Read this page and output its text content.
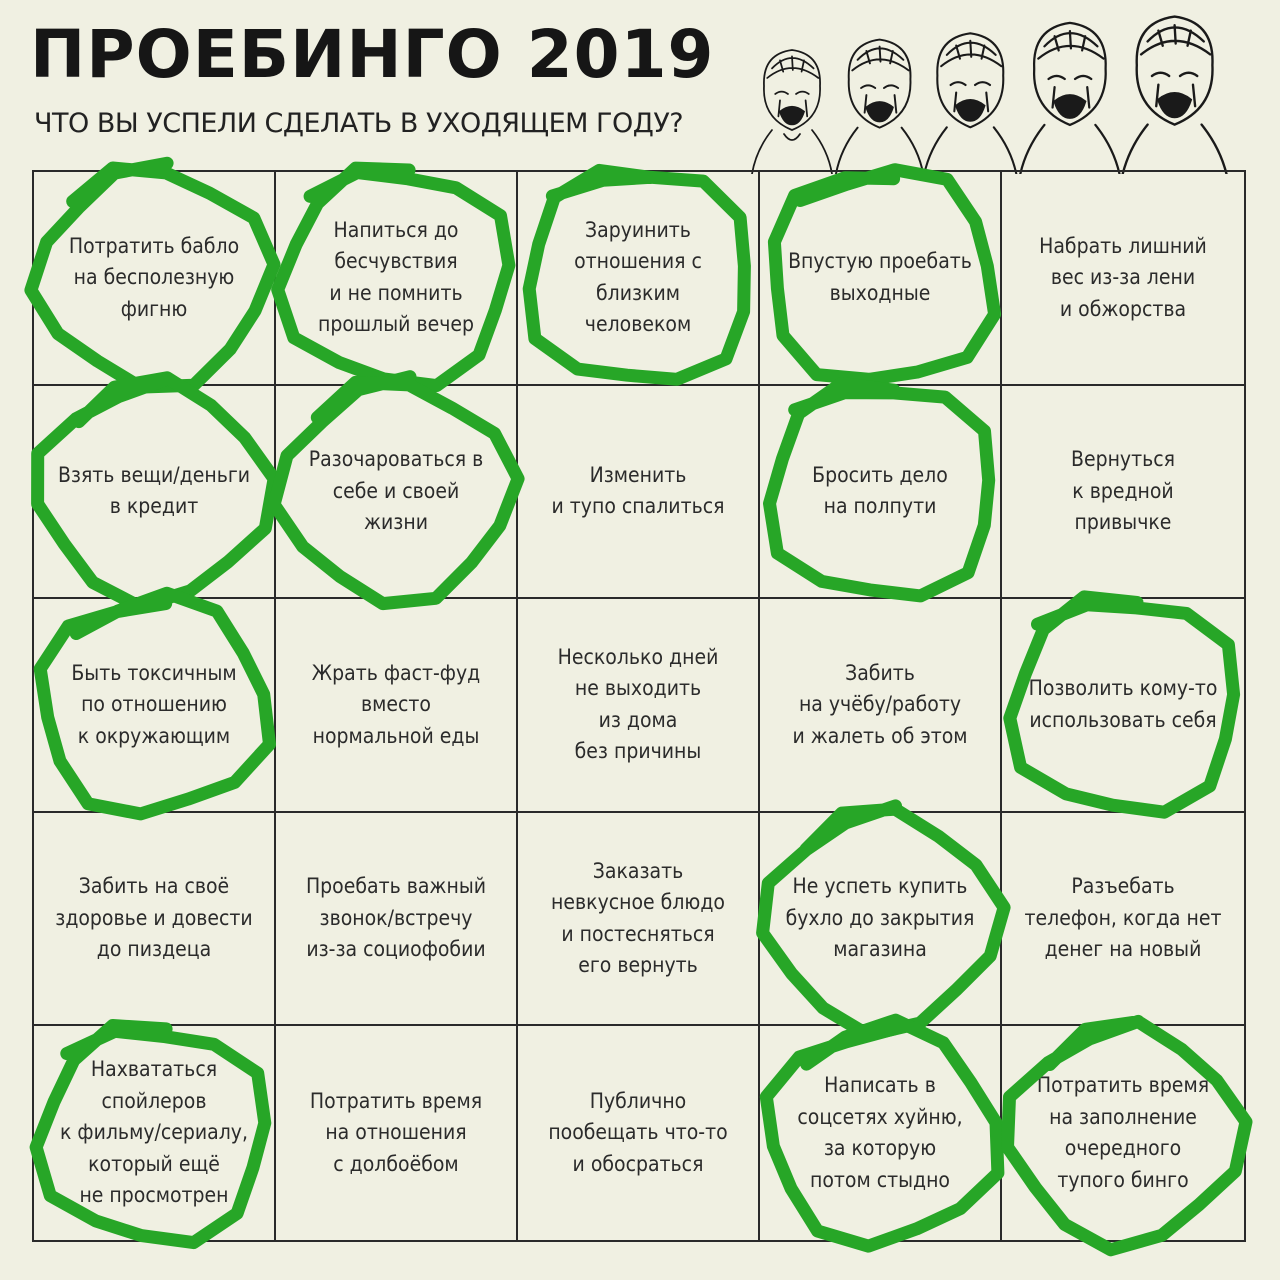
ПРОЕБИНГО 2019
ЧТО ВЫ УСПЕЛИ СДЕЛАТЬ В УХОДЯЩЕМ ГОДУ?
Потратить бабло
на бесполезную
фигню
Напиться до
бесчувствия
и не помнить
прошлый вечер
Заруинить
отношения с
близким
человеком
Впустую проебать
выходные
Набрать лишний
вес из-за лени
и обжорства
Взять вещи/деньги
в кредит
Разочароваться в
себе и своей
жизни
Изменить
и тупо спалиться
Бросить дело
на полпути
Вернуться
к вредной
привычке
Быть токсичным
по отношению
к окружающим
Жрать фаст-фуд
вместо
нормальной еды
Несколько дней
не выходить
из дома
без причины
Забить
на учёбу/работу
и жалеть об этом
Позволить кому-то
использовать себя
Забить на своё
здоровье и довести
до пиздеца
Проебать важный
звонок/встречу
из-за социофобии
Заказать
невкусное блюдо
и постесняться
его вернуть
Не успеть купить
бухло до закрытия
магазина
Разъебать
телефон, когда нет
денег на новый
Нахвататься
спойлеров
к фильму/сериалу,
который ещё
не просмотрен
Потратить время
на отношения
с долбоёбом
Публично
пообещать что-то
и обосраться
Написать в
соцсетях хуйню,
за которую
потом стыдно
Потратить время
на заполнение
очередного
тупого бинго
